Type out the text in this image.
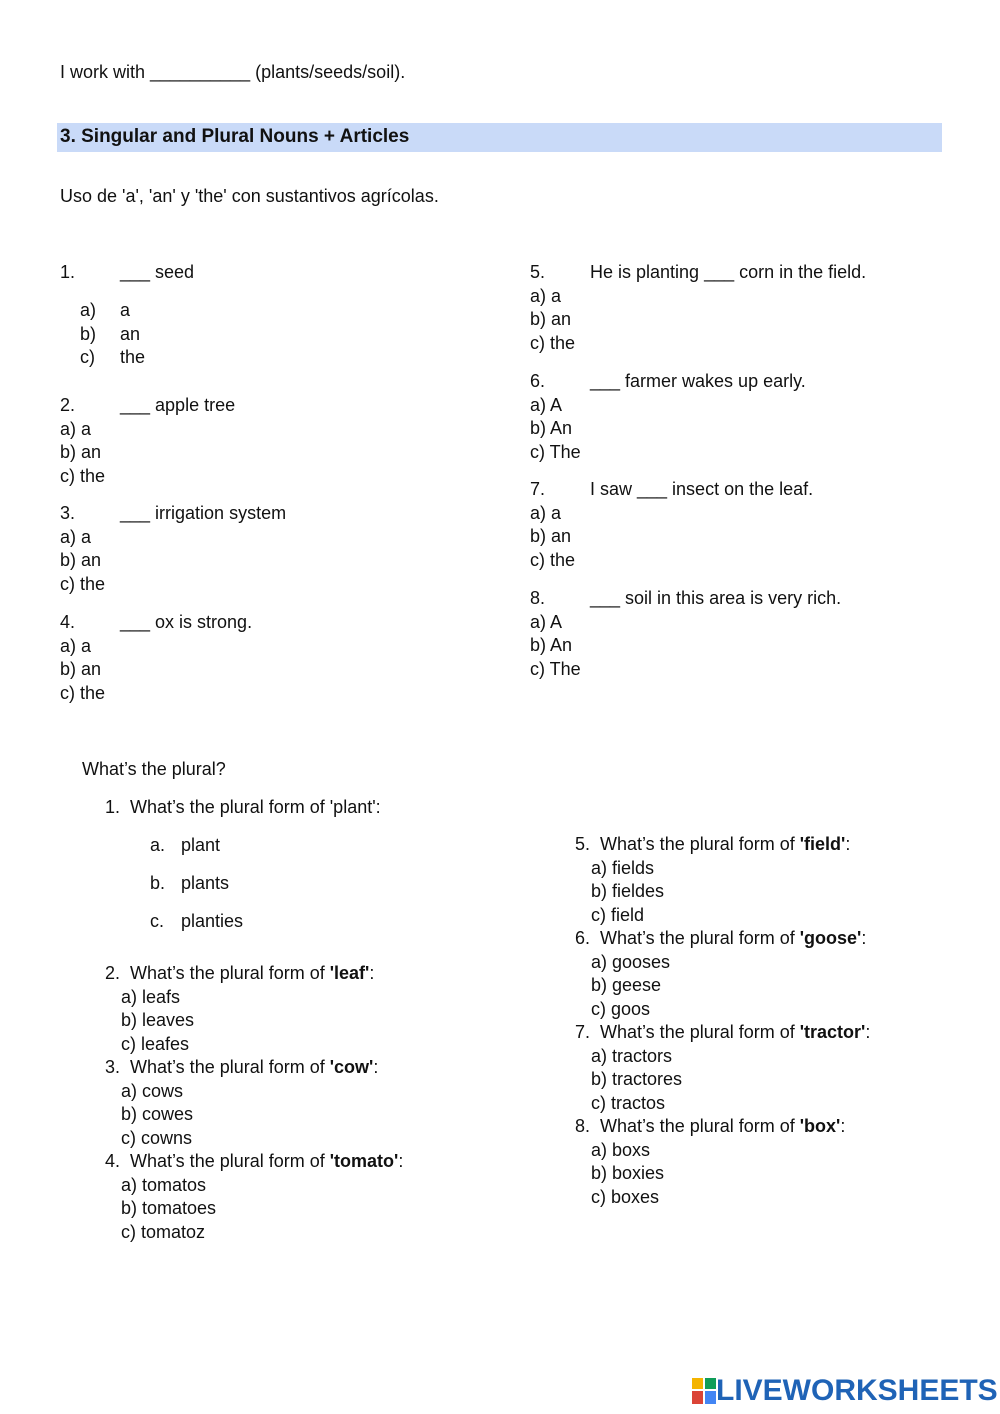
I work with __________ (plants/seeds/soil).
3. Singular and Plural Nouns + Articles
Uso de 'a', 'an' y 'the' con sustantivos agrícolas.
1. ___ seed
a) a
b) an
c) the
2. ___ apple tree
a) a
b) an
c) the
3. ___ irrigation system
a) a
b) an
c) the
4. ___ ox is strong.
a) a
b) an
c) the
5. He is planting ___ corn in the field.
a) a
b) an
c) the
6. ___ farmer wakes up early.
a) A
b) An
c) The
7. I saw ___ insect on the leaf.
a) a
b) an
c) the
8. ___ soil in this area is very rich.
a) A
b) An
c) The
What’s the plural?
1. What’s the plural form of 'plant':
a. plant
b. plants
c. planties
2. What’s the plural form of 'leaf':
a) leafs
b) leaves
c) leafes
3. What’s the plural form of 'cow':
a) cows
b) cowes
c) cowns
4. What’s the plural form of 'tomato':
a) tomatos
b) tomatoes
c) tomatoz
5. What’s the plural form of 'field':
a) fields
b) fieldes
c) field
6. What’s the plural form of 'goose':
a) gooses
b) geese
c) goos
7. What’s the plural form of 'tractor':
a) tractors
b) tractores
c) tractos
8. What’s the plural form of 'box':
a) boxs
b) boxies
c) boxes
LIVEWORKSHEETS
